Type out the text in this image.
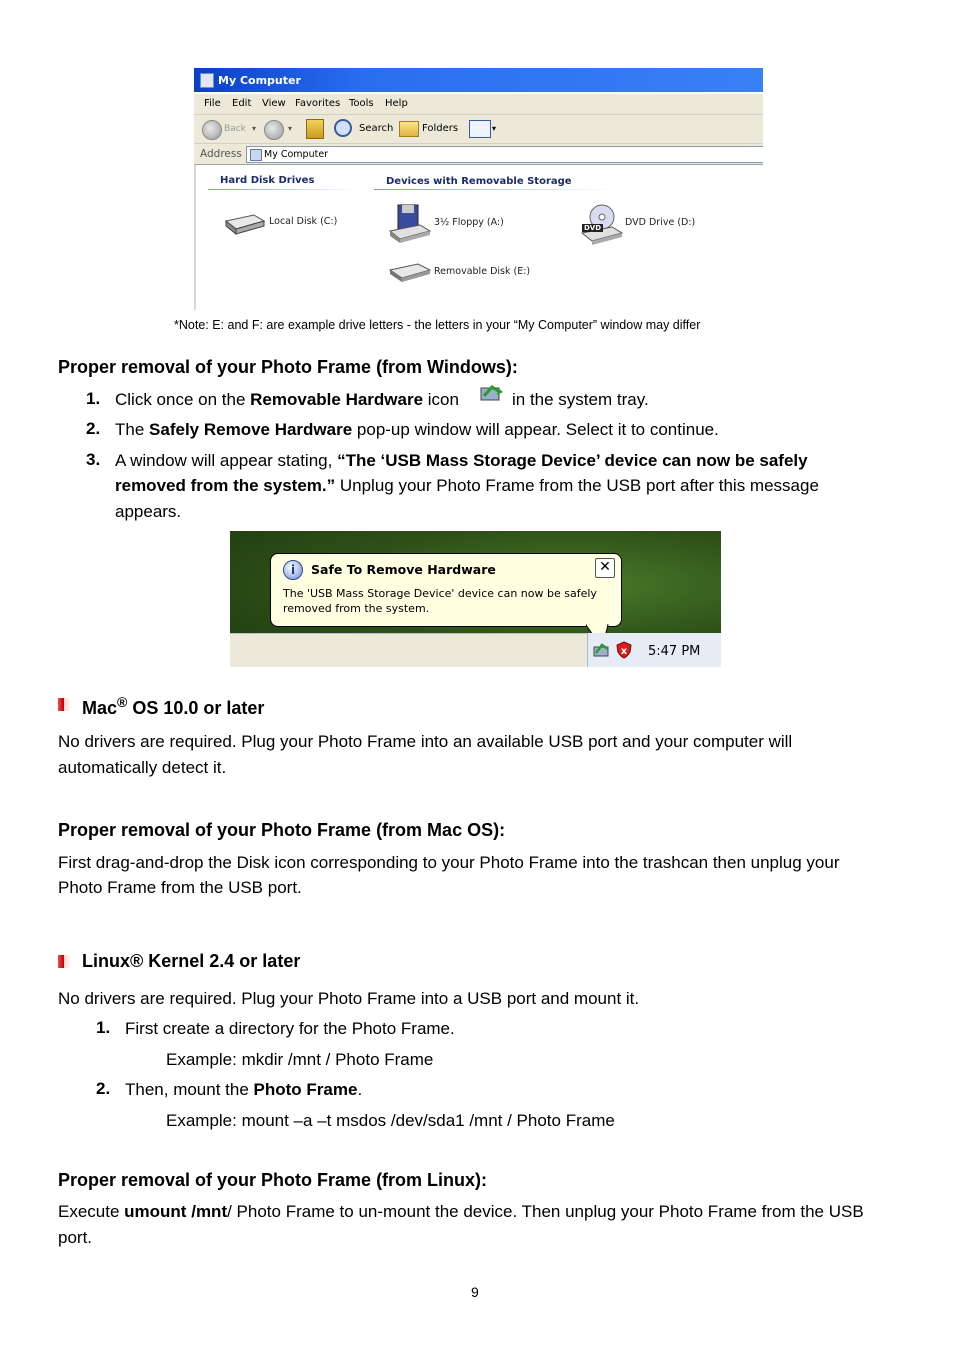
My Computer
File Edit View Favorites Tools Help
Back ▾	▾	Search	Folders	▾
Address My Computer
Hard Disk Drives	Devices with Removable Storage
Local Disk (C:)	3½ Floppy (A:)	DVD	DVD Drive (D:)
Removable Disk (E:)
*Note: E: and F: are example drive letters - the letters in your “My Computer” window may differ
Proper removal of your Photo Frame (from Windows):
1. Click once on the Removable Hardware icon	in the system tray.
2. The Safely Remove Hardware pop-up window will appear. Select it to continue.
3. A window will appear stating, “The ‘USB Mass Storage Device’ device can now be safely
removed from the system.” Unplug your Photo Frame from the USB port after this message
appears.
i	Safe To Remove Hardware	✕
The 'USB Mass Storage Device' device can now be safely
removed from the system.
x 5:47 PM
Mac® OS 10.0 or later
No drivers are required. Plug your Photo Frame into an available USB port and your computer will
automatically detect it.
Proper removal of your Photo Frame (from Mac OS):
First drag-and-drop the Disk icon corresponding to your Photo Frame into the trashcan then unplug your
Photo Frame from the USB port.
Linux® Kernel 2.4 or later
No drivers are required. Plug your Photo Frame into a USB port and mount it.
1. First create a directory for the Photo Frame.
Example: mkdir /mnt / Photo Frame
2. Then, mount the Photo Frame.
Example: mount –a –t msdos /dev/sda1 /mnt / Photo Frame
Proper removal of your Photo Frame (from Linux):
Execute umount /mnt/ Photo Frame to un-mount the device. Then unplug your Photo Frame from the USB
port.
9
